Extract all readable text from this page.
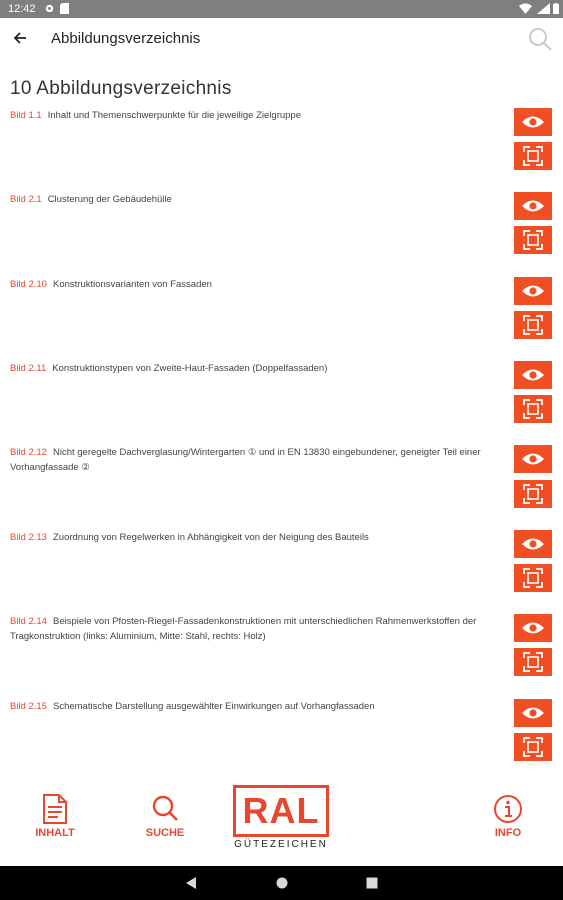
12:42
Abbildungsverzeichnis
10 Abbildungsverzeichnis
Bild 1.1 Inhalt und Themenschwerpunkte für die jeweilige Zielgruppe
Bild 2.1 Clusterung der Gebäudehülle
Bild 2.10 Konstruktionsvarianten von Fassaden
Bild 2.11 Konstruktionstypen von Zweite-Haut-Fassaden (Doppelfassaden)
Bild 2.12 Nicht geregelte Dachverglasung/Wintergarten ① und in EN 13830 eingebundener, geneigter Teil einer Vorhangfassade ②
Bild 2.13 Zuordnung von Regelwerken in Abhängigkeit von der Neigung des Bauteils
Bild 2.14 Beispiele von Pfosten-Riegel-Fassadenkonstruktionen mit unterschiedlichen Rahmenwerkstoffen der Tragkonstruktion (links: Aluminium, Mitte: Stahl, rechts: Holz)
Bild 2.15 Schematische Darstellung ausgewählter Einwirkungen auf Vorhangfassaden
INHALT	SUCHE
RAL
GÜTEZEICHEN
INFO
